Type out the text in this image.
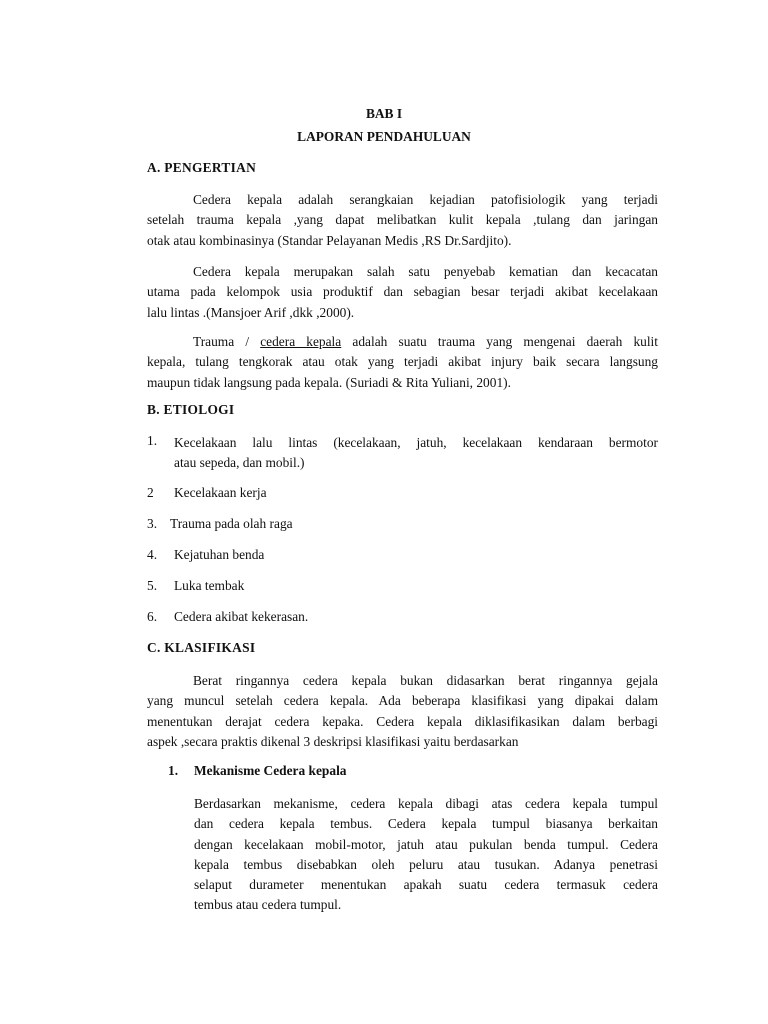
BAB I
LAPORAN PENDAHULUAN
A. PENGERTIAN
Cedera kepala adalah serangkaian kejadian patofisiologik yang terjadi
setelah trauma kepala ,yang dapat melibatkan kulit kepala ,tulang dan jaringan
otak atau kombinasinya (Standar Pelayanan Medis ,RS Dr.Sardjito).
Cedera kepala merupakan salah satu penyebab kematian dan kecacatan
utama pada kelompok usia produktif dan sebagian besar terjadi akibat kecelakaan
lalu lintas .(Mansjoer Arif ,dkk ,2000).
Trauma / cedera kepala adalah suatu trauma yang mengenai daerah kulit
kepala, tulang tengkorak atau otak yang terjadi akibat injury baik secara langsung
maupun tidak langsung pada kepala. (Suriadi & Rita Yuliani, 2001).
B. ETIOLOGI
1. Kecelakaan lalu lintas (kecelakaan, jatuh, kecelakaan kendaraan bermotor
atau sepeda, dan mobil.)
2 Kecelakaan kerja
3. Trauma pada olah raga
4. Kejatuhan benda
5. Luka tembak
6. Cedera akibat kekerasan.
C. KLASIFIKASI
Berat ringannya cedera kepala bukan didasarkan berat ringannya gejala
yang muncul setelah cedera kepala. Ada beberapa klasifikasi yang dipakai dalam
menentukan derajat cedera kepaka. Cedera kepala diklasifikasikan dalam berbagi
aspek ,secara praktis dikenal 3 deskripsi klasifikasi yaitu berdasarkan
1. Mekanisme Cedera kepala
Berdasarkan mekanisme, cedera kepala dibagi atas cedera kepala tumpul
dan cedera kepala tembus. Cedera kepala tumpul biasanya berkaitan
dengan kecelakaan mobil-motor, jatuh atau pukulan benda tumpul. Cedera
kepala tembus disebabkan oleh peluru atau tusukan. Adanya penetrasi
selaput durameter menentukan apakah suatu cedera termasuk cedera
tembus atau cedera tumpul.
